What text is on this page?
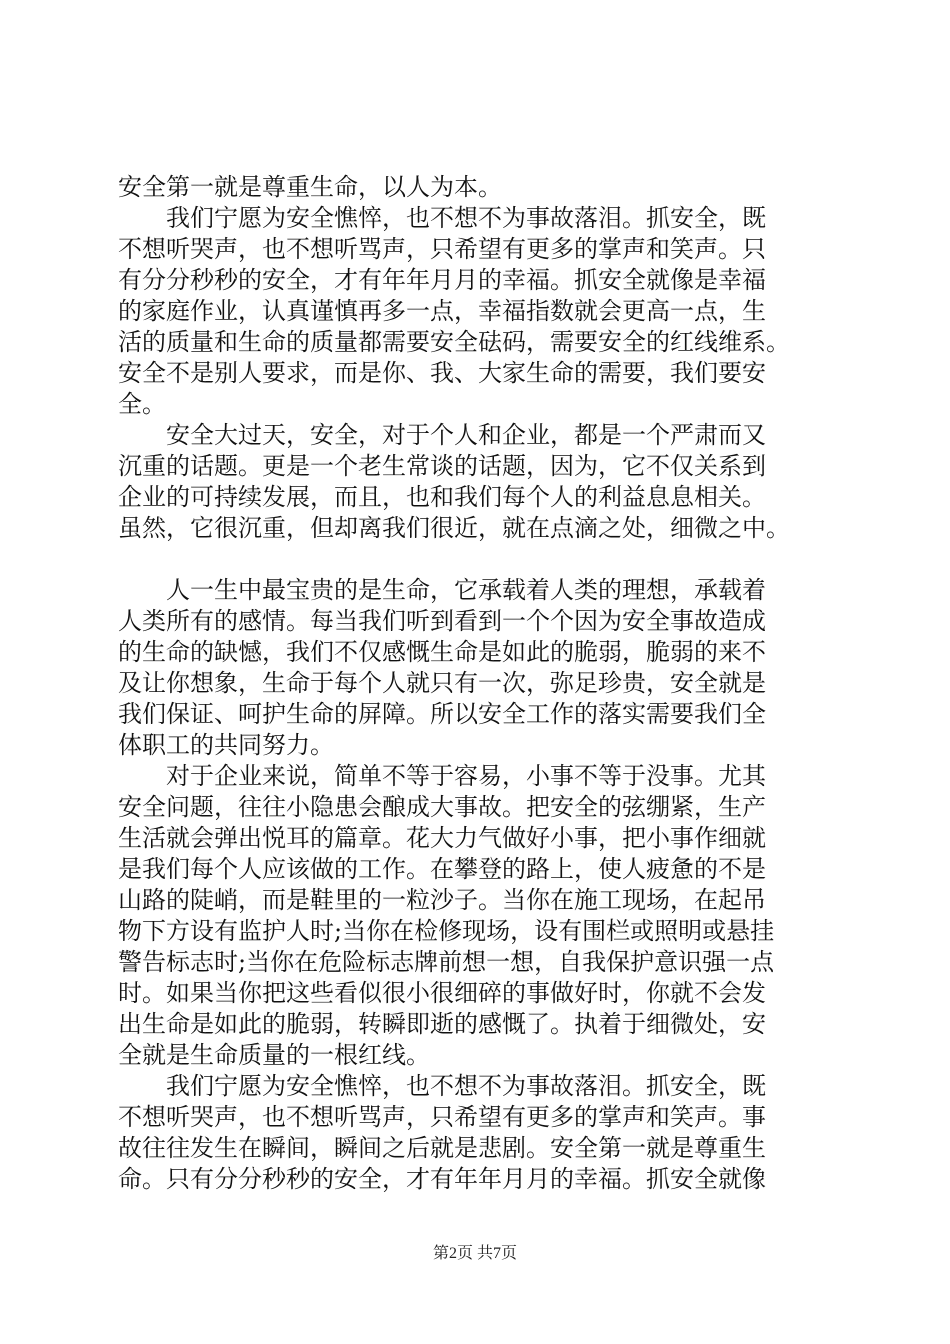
安全第一就是尊重生命，以人为本。
我们宁愿为安全憔悴，也不想不为事故落泪。抓安全，既
不想听哭声，也不想听骂声，只希望有更多的掌声和笑声。只
有分分秒秒的安全，才有年年月月的幸福。抓安全就像是幸福
的家庭作业，认真谨慎再多一点，幸福指数就会更高一点，生
活的质量和生命的质量都需要安全砝码，需要安全的红线维系。
安全不是别人要求，而是你、我、大家生命的需要，我们要安
全。
安全大过天，安全，对于个人和企业，都是一个严肃而又
沉重的话题。更是一个老生常谈的话题，因为，它不仅关系到
企业的可持续发展，而且，也和我们每个人的利益息息相关。
虽然，它很沉重，但却离我们很近，就在点滴之处，细微之中。
人一生中最宝贵的是生命，它承载着人类的理想，承载着
人类所有的感情。每当我们听到看到一个个因为安全事故造成
的生命的缺憾，我们不仅感慨生命是如此的脆弱，脆弱的来不
及让你想象，生命于每个人就只有一次，弥足珍贵，安全就是
我们保证、呵护生命的屏障。所以安全工作的落实需要我们全
体职工的共同努力。
对于企业来说，简单不等于容易，小事不等于没事。尤其
安全问题，往往小隐患会酿成大事故。把安全的弦绷紧，生产
生活就会弹出悦耳的篇章。花大力气做好小事，把小事作细就
是我们每个人应该做的工作。在攀登的路上，使人疲惫的不是
山路的陡峭，而是鞋里的一粒沙子。当你在施工现场，在起吊
物下方设有监护人时;当你在检修现场，设有围栏或照明或悬挂
警告标志时;当你在危险标志牌前想一想，自我保护意识强一点
时。如果当你把这些看似很小很细碎的事做好时，你就不会发
出生命是如此的脆弱，转瞬即逝的感慨了。执着于细微处，安
全就是生命质量的一根红线。
我们宁愿为安全憔悴，也不想不为事故落泪。抓安全，既
不想听哭声，也不想听骂声，只希望有更多的掌声和笑声。事
故往往发生在瞬间，瞬间之后就是悲剧。安全第一就是尊重生
命。只有分分秒秒的安全，才有年年月月的幸福。抓安全就像
第2页 共7页
